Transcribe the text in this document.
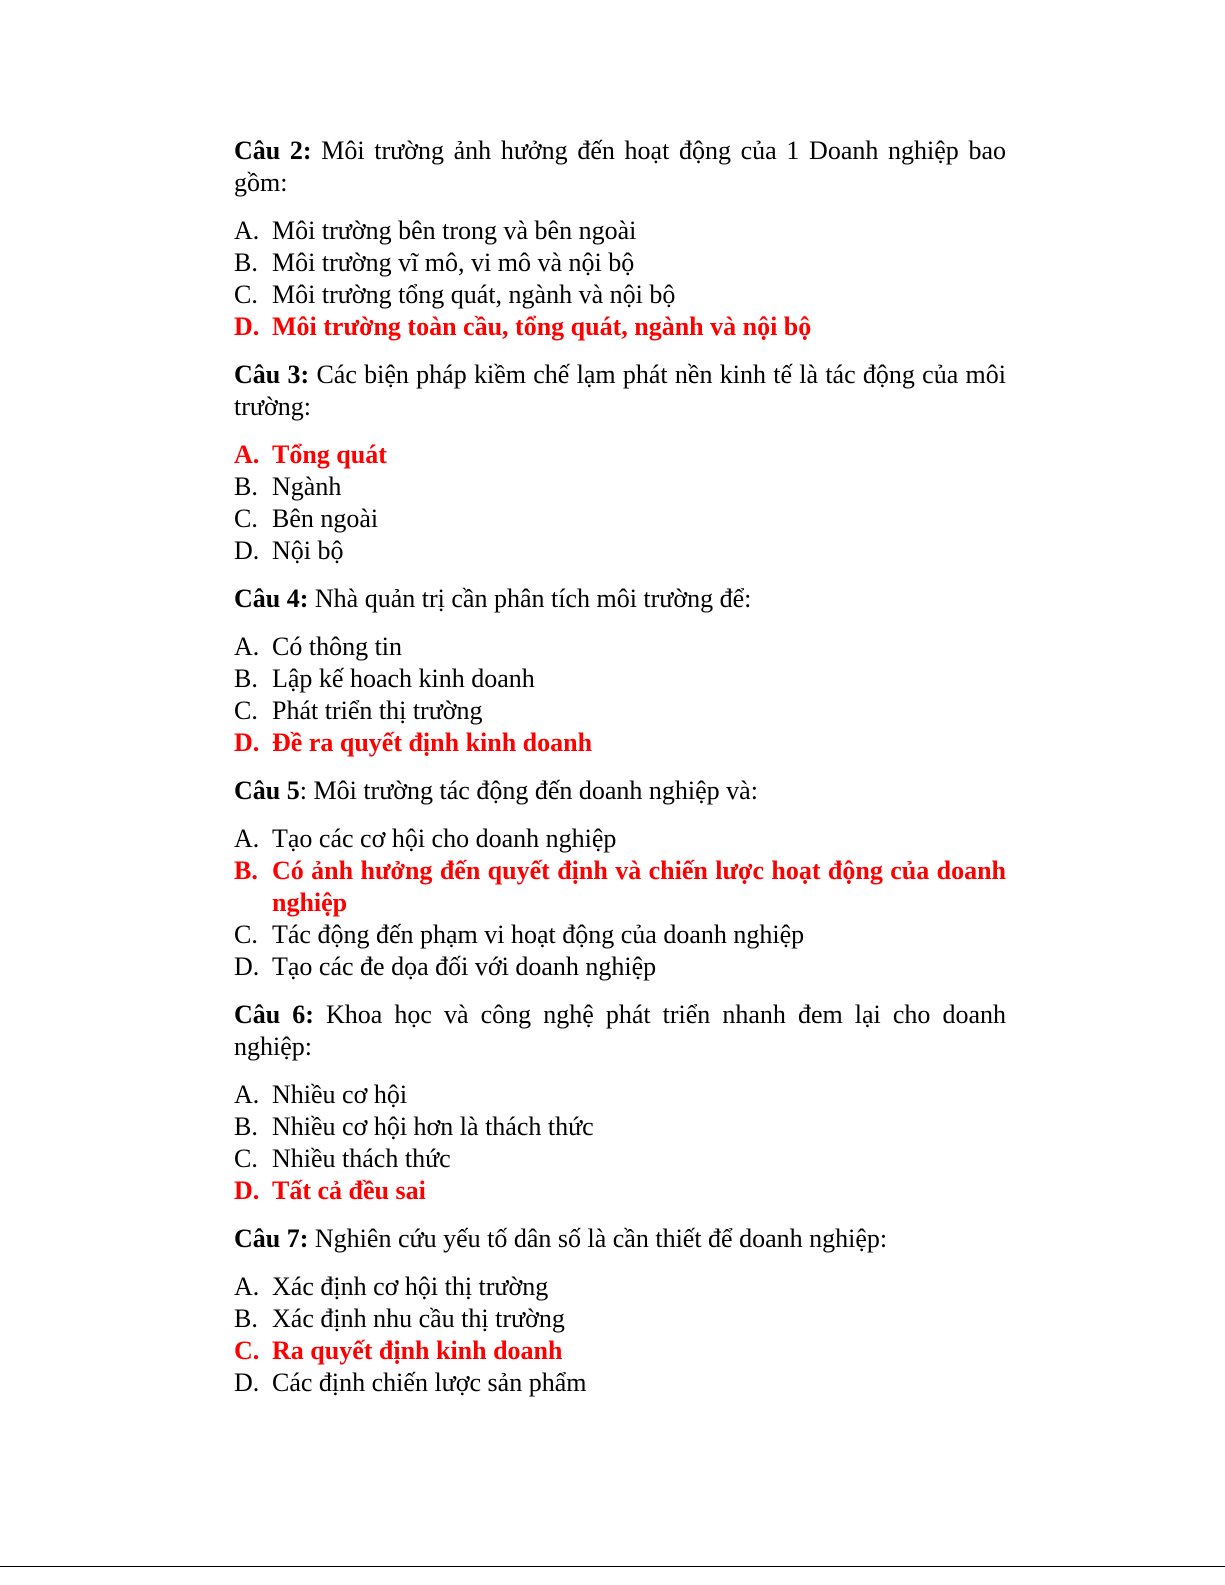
Câu 2: Môi trường ảnh hưởng đến hoạt động của 1 Doanh nghiệp bao gồm:

A. Môi trường bên trong và bên ngoài
B. Môi trường vĩ mô, vi mô và nội bộ
C. Môi trường tổng quát, ngành và nội bộ
D. Môi trường toàn cầu, tổng quát, ngành và nội bộ

Câu 3: Các biện pháp kiềm chế lạm phát nền kinh tế là tác động của môi trường:

A. Tổng quát
B. Ngành
C. Bên ngoài
D. Nội bộ

Câu 4: Nhà quản trị cần phân tích môi trường để:

A. Có thông tin
B. Lập kế hoach kinh doanh
C. Phát triển thị trường
D. Đề ra quyết định kinh doanh

Câu 5: Môi trường tác động đến doanh nghiệp và:

A. Tạo các cơ hội cho doanh nghiệp
B. Có ảnh hưởng đến quyết định và chiến lược hoạt động của doanh nghiệp
C. Tác động đến phạm vi hoạt động của doanh nghiệp
D. Tạo các đe dọa đối với doanh nghiệp

Câu 6: Khoa học và công nghệ phát triển nhanh đem lại cho doanh nghiệp:

A. Nhiều cơ hội
B. Nhiều cơ hội hơn là thách thức
C. Nhiều thách thức
D. Tất cả đều sai

Câu 7: Nghiên cứu yếu tố dân số là cần thiết để doanh nghiệp:

A. Xác định cơ hội thị trường
B. Xác định nhu cầu thị trường
C. Ra quyết định kinh doanh
D. Các định chiến lược sản phẩm
